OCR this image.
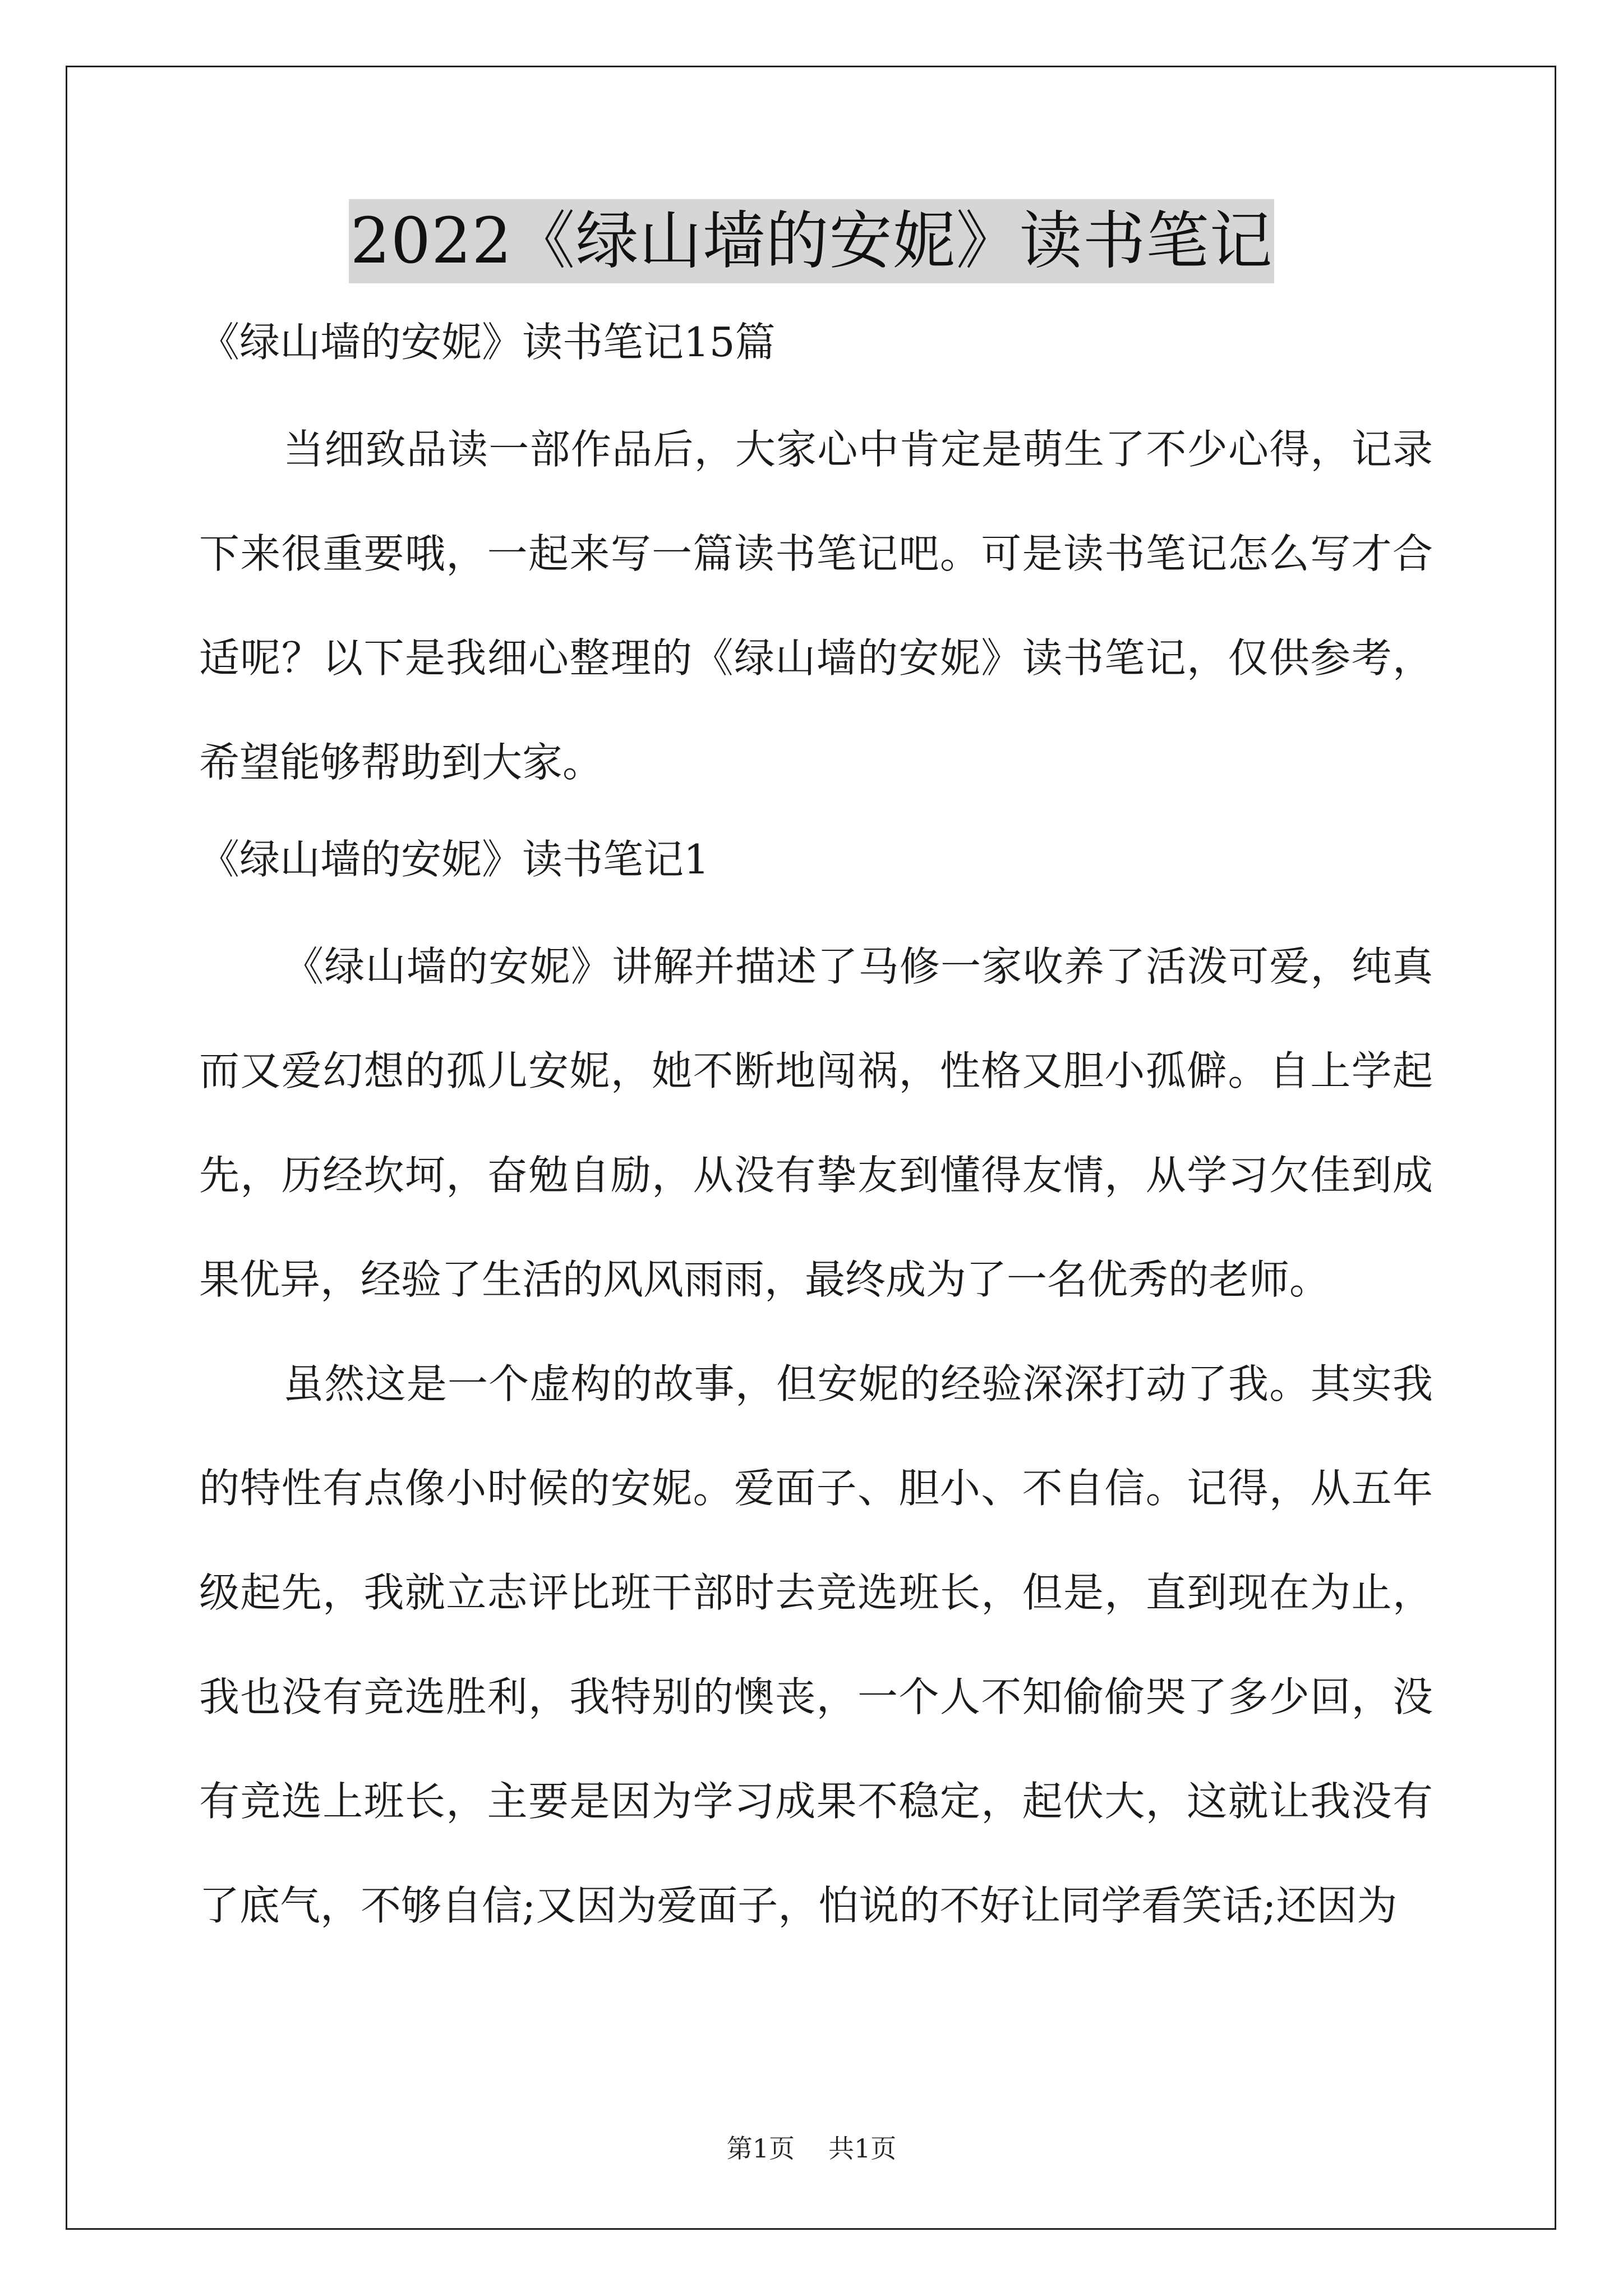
2022《绿山墙的安妮》读书笔记
《绿山墙的安妮》读书笔记15篇

当细致品读一部作品后，大家心中肯定是萌生了不少心得，记录下来很重要哦，一起来写一篇读书笔记吧。可是读书笔记怎么写才合适呢？以下是我细心整理的《绿山墙的安妮》读书笔记，仅供参考，希望能够帮助到大家。

《绿山墙的安妮》读书笔记1

《绿山墙的安妮》讲解并描述了马修一家收养了活泼可爱，纯真而又爱幻想的孤儿安妮，她不断地闯祸，性格又胆小孤僻。自上学起先，历经坎坷，奋勉自励，从没有挚友到懂得友情，从学习欠佳到成果优异，经验了生活的风风雨雨，最终成为了一名优秀的老师。

虽然这是一个虚构的故事，但安妮的经验深深打动了我。其实我的特性有点像小时候的安妮。爱面子、胆小、不自信。记得，从五年级起先，我就立志评比班干部时去竞选班长，但是，直到现在为止，我也没有竞选胜利，我特别的懊丧，一个人不知偷偷哭了多少回，没有竞选上班长，主要是因为学习成果不稳定，起伏大，这就让我没有了底气，不够自信;又因为爱面子，怕说的不好让同学看笑话;还因为

第1页 共1页
